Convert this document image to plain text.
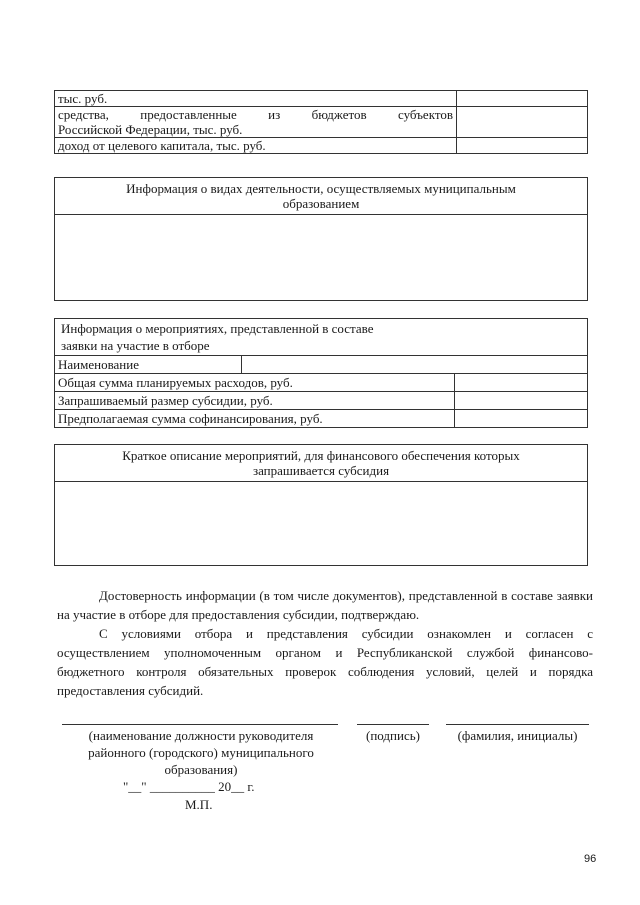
тыс. руб.	

средства, предоставленные из бюджетов субъектов
Российской Федерации, тыс. руб.	

доход от целевого капитала, тыс. руб.	
Информация о видах деятельности, осуществляемых муниципальным
образованием
Информация о мероприятиях, представленной в составе
заявки на участие в отборе		

Наименование		
Общая сумма планируемых расходов, руб.		
Запрашиваемый размер субсидии, руб.		
Предполагаемая сумма софинансирования, руб.		
Краткое описание мероприятий, для финансового обеспечения которых
запрашивается субсидия
Достоверность информации (в том числе документов), представленной в составе заявки на участие в отборе для предоставления субсидии, подтверждаю.
С условиями отбора и представления субсидии ознакомлен и согласен с осуществлением уполномоченным органом и Республиканской службой финансово-бюджетного контроля обязательных проверок соблюдения условий, целей и порядка предоставления субсидий.
(наименование должности руководителя районного (городского) муниципального образования)
(подпись)	(фамилия, инициалы)
"__" __________ 20__ г.
М.П.
96
